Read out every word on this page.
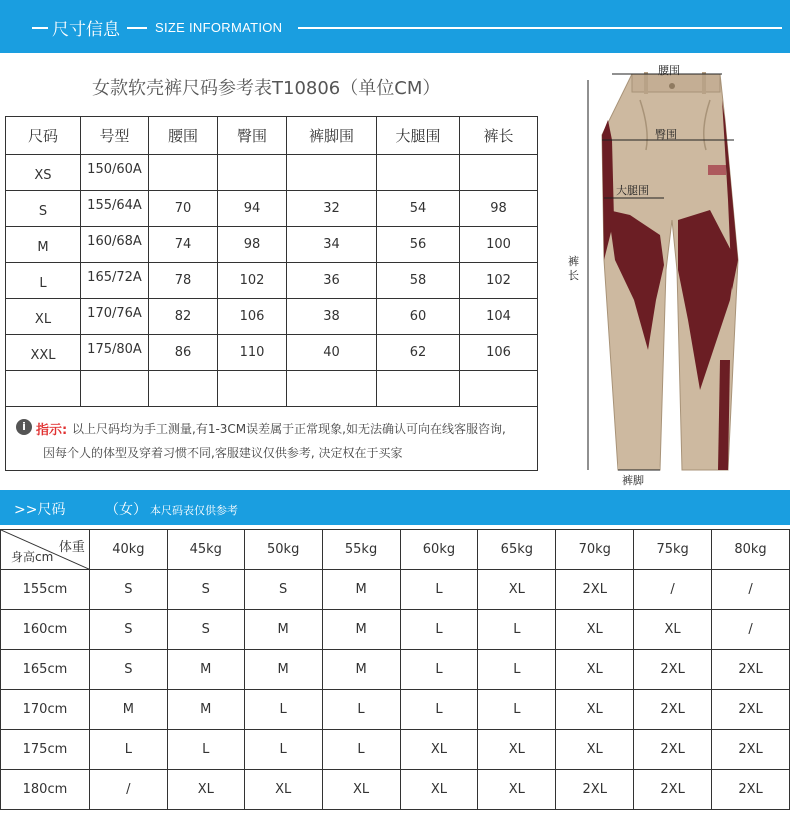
尺寸信息	SIZE INFORMATION
女款软壳裤尺码参考表T10806（单位CM）
尺码	号型	腰围	臀围	裤脚围	大腿围	裤长
XS	150/60A					
S	155/64A	70	94	32	54	98
M	160/68A	74	98	34	56	100
L	165/72A	78	102	36	58	102
XL	170/76A	82	106	38	60	104
XXL	175/80A	86	110	40	62	106

i 指示: 以上尺码均为手工测量,有1-3CM误差属于正常现象,如无法确认可向在线客服咨询,
因每个人的体型及穿着习惯不同,客服建议仅供参考, 决定权在于买家
腰围
臀围
大腿围
裤长
裤脚
>>尺码	（女） 本尺码表仅供参考
体重
身高cm	40kg	45kg	50kg	55kg	60kg	65kg	70kg	75kg	80kg
155cm	S	S	S	M	L	XL	2XL	/	/
160cm	S	S	M	M	L	L	XL	XL	/
165cm	S	M	M	M	L	L	XL	2XL	2XL
170cm	M	M	L	L	L	L	XL	2XL	2XL
175cm	L	L	L	L	XL	XL	XL	2XL	2XL
180cm	/	XL	XL	XL	XL	XL	2XL	2XL	2XL
